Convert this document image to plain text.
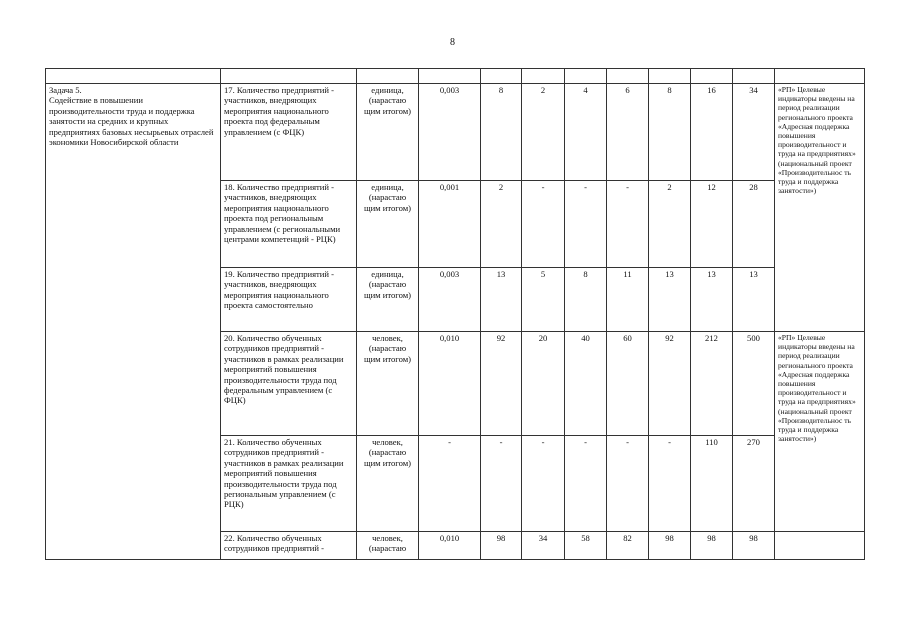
8

Задача 5.
Содействие в повышении производительности труда и поддержка занятости на средних и крупных предприятиях базовых несырьевых отраслей экономики Новосибирской области	17. Количество предприятий - участников, внедряющих мероприятия национального проекта под федеральным управлением (с ФЦК)	единица, (нарастаю щим итогом)	0,003	8	2	4	6	8	16	34	«РП» Целевые индикаторы введены на период реализации регионального проекта «Адресная поддержка повышения производительност и труда на предприятиях» (национальный проект «Производительнос ть труда и поддержка занятости»)
	18. Количество предприятий - участников, внедряющих мероприятия национального проекта под региональным управлением (с региональными центрами компетенций - РЦК)	единица, (нарастаю щим итогом)	0,001	2	-	-	-	2	12	28	
	19. Количество предприятий - участников, внедряющих мероприятия национального проекта самостоятельно	единица, (нарастаю щим итогом)	0,003	13	5	8	11	13	13	13	
	20. Количество обученных сотрудников предприятий - участников в рамках реализации мероприятий повышения производительности труда под федеральным управлением (с ФЦК)	человек, (нарастаю щим итогом)	0,010	92	20	40	60	92	212	500	«РП» Целевые индикаторы введены на период реализации регионального проекта «Адресная поддержка повышения производительност и труда на предприятиях» (национальный проект «Производительнос ть труда и поддержка занятости»)
	21. Количество обученных сотрудников предприятий - участников в рамках реализации мероприятий повышения производительности труда под региональным управлением (с РЦК)	человек, (нарастаю щим итогом)	-	-	-	-	-	-	110	270	
	22. Количество обученных сотрудников предприятий -	человек, (нарастаю	0,010	98	34	58	82	98	98	98	
